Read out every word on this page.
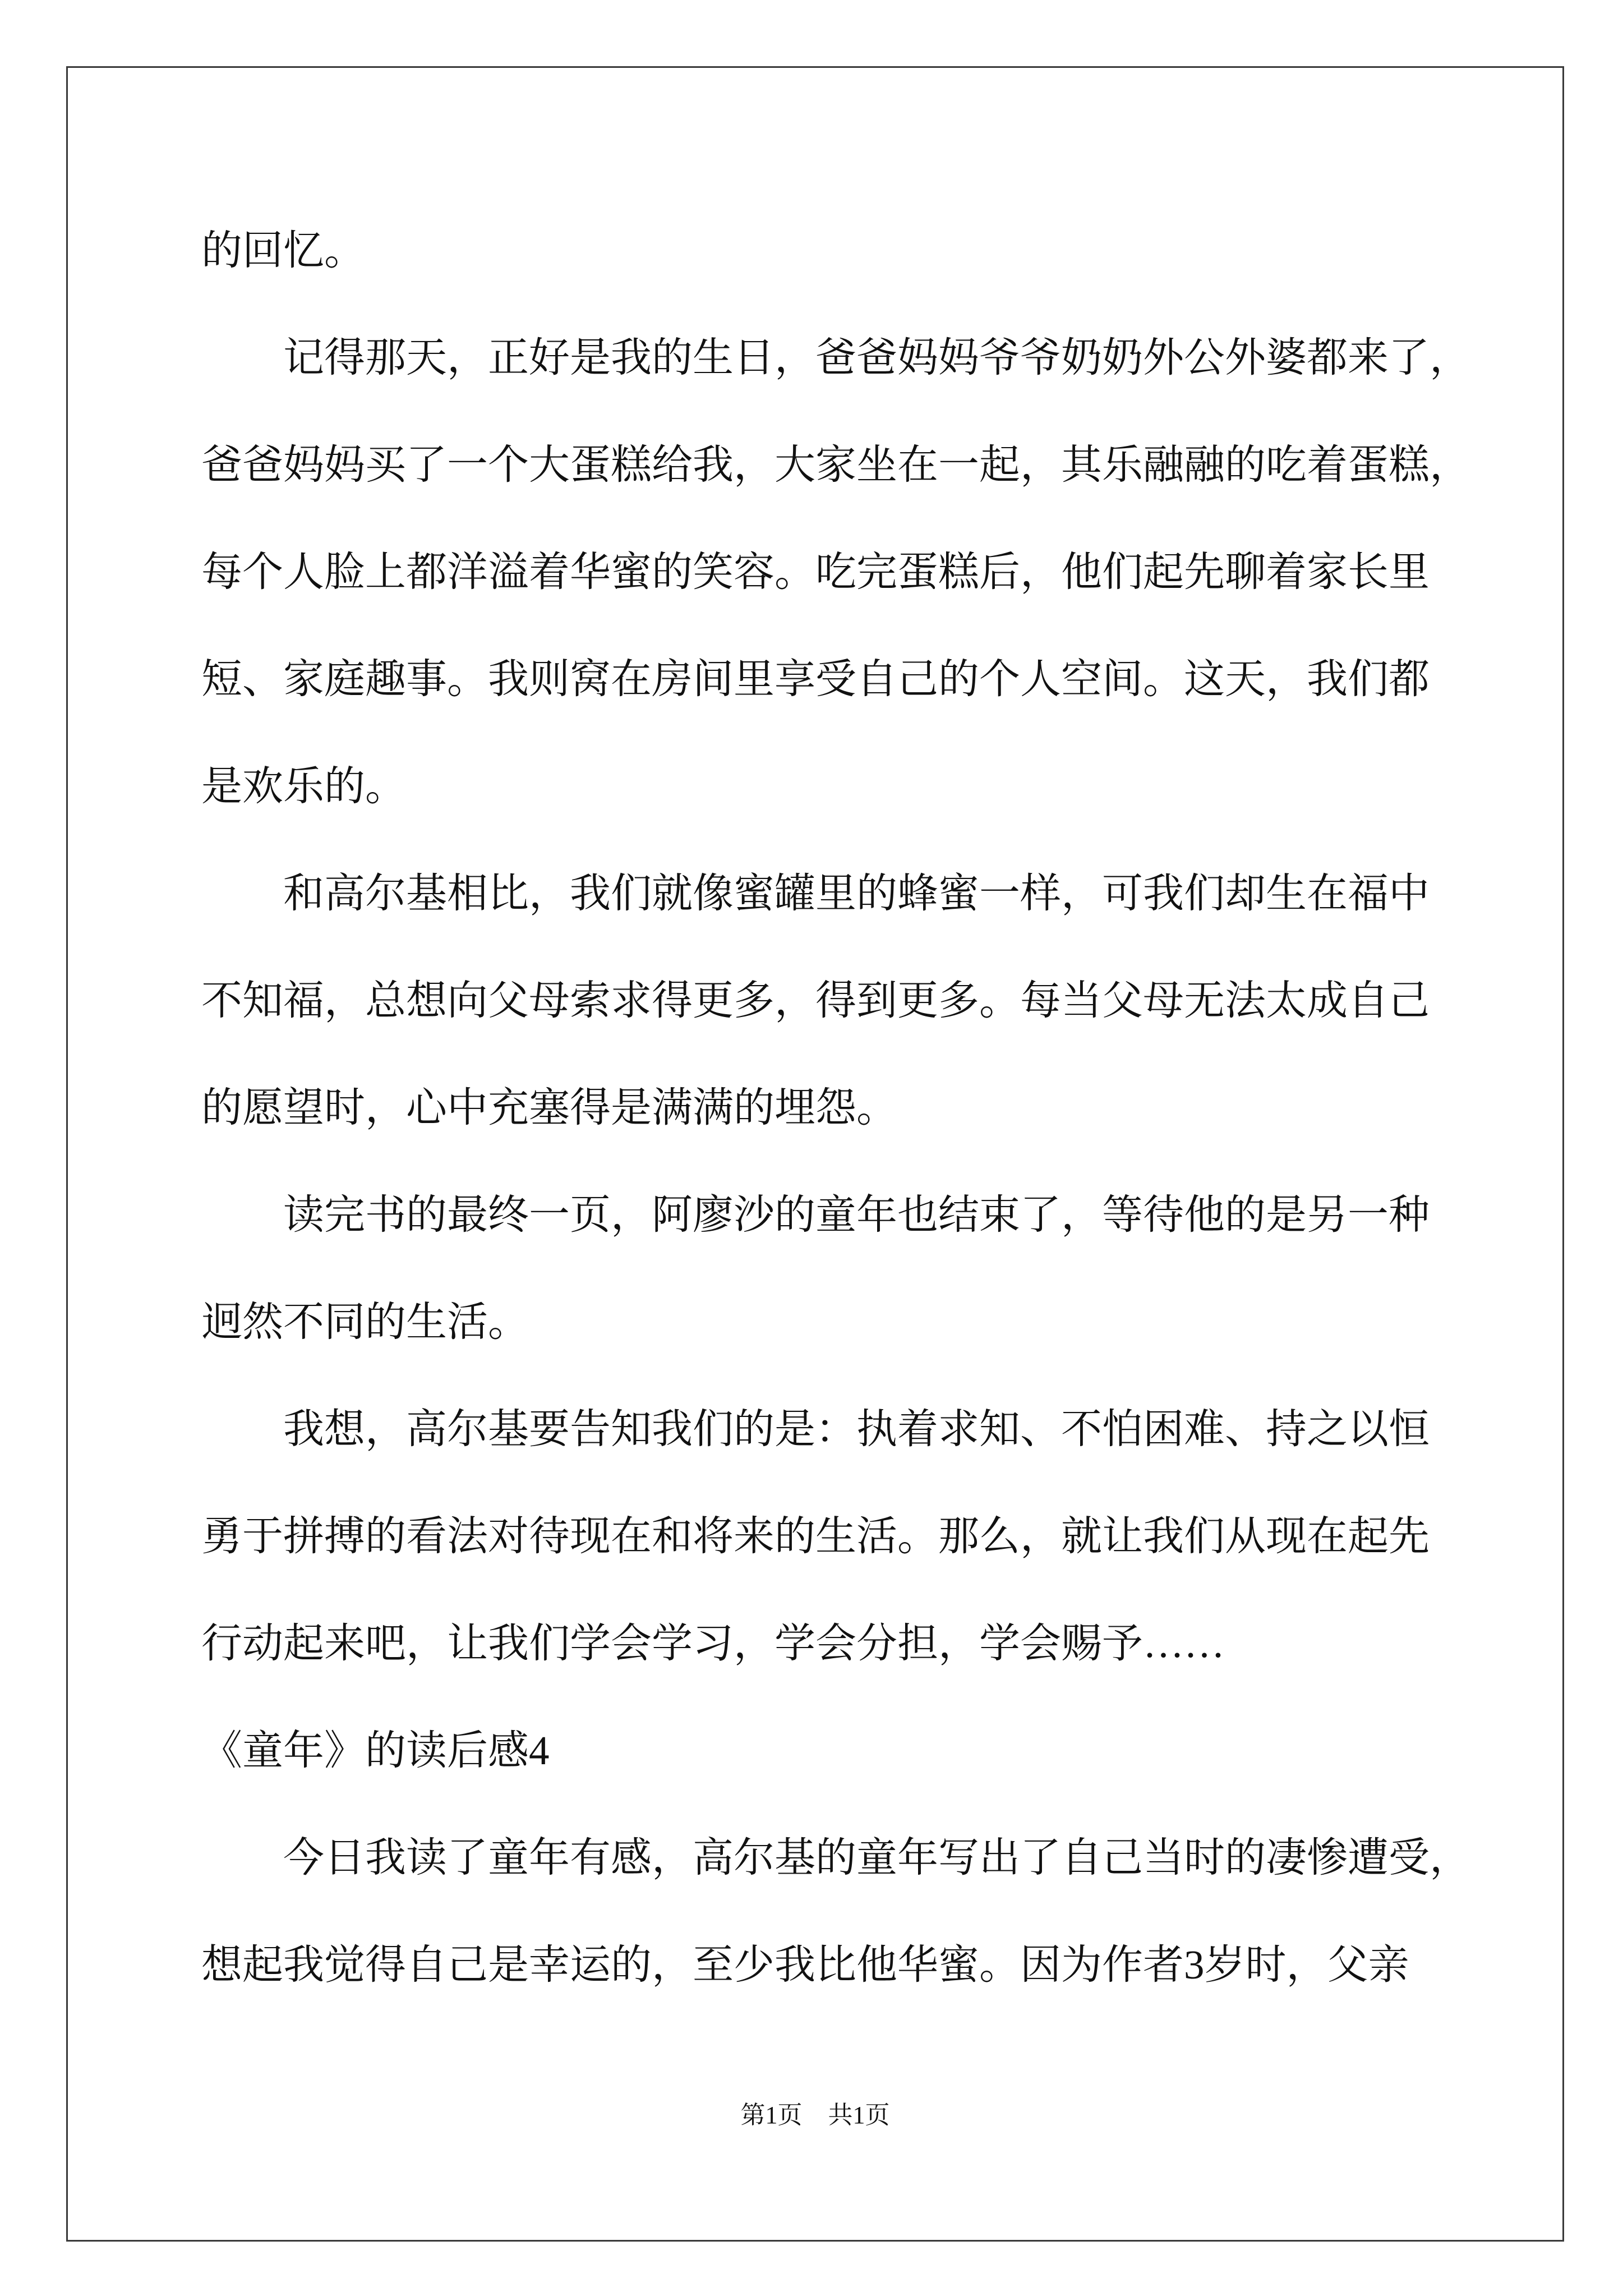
的回忆。
记得那天，正好是我的生日，爸爸妈妈爷爷奶奶外公外婆都来了，
爸爸妈妈买了一个大蛋糕给我，大家坐在一起，其乐融融的吃着蛋糕，
每个人脸上都洋溢着华蜜的笑容。吃完蛋糕后，他们起先聊着家长里
短、家庭趣事。我则窝在房间里享受自己的个人空间。这天，我们都
是欢乐的。
和高尔基相比，我们就像蜜罐里的蜂蜜一样，可我们却生在福中
不知福，总想向父母索求得更多，得到更多。每当父母无法太成自己
的愿望时，心中充塞得是满满的埋怨。
读完书的最终一页，阿廖沙的童年也结束了，等待他的是另一种
迥然不同的生活。
我想，高尔基要告知我们的是：执着求知、不怕困难、持之以恒
勇于拼搏的看法对待现在和将来的生活。那么，就让我们从现在起先
行动起来吧，让我们学会学习，学会分担，学会赐予……
《童年》的读后感4
今日我读了童年有感，高尔基的童年写出了自己当时的凄惨遭受，
想起我觉得自己是幸运的，至少我比他华蜜。因为作者3岁时，父亲
第1页 共1页
